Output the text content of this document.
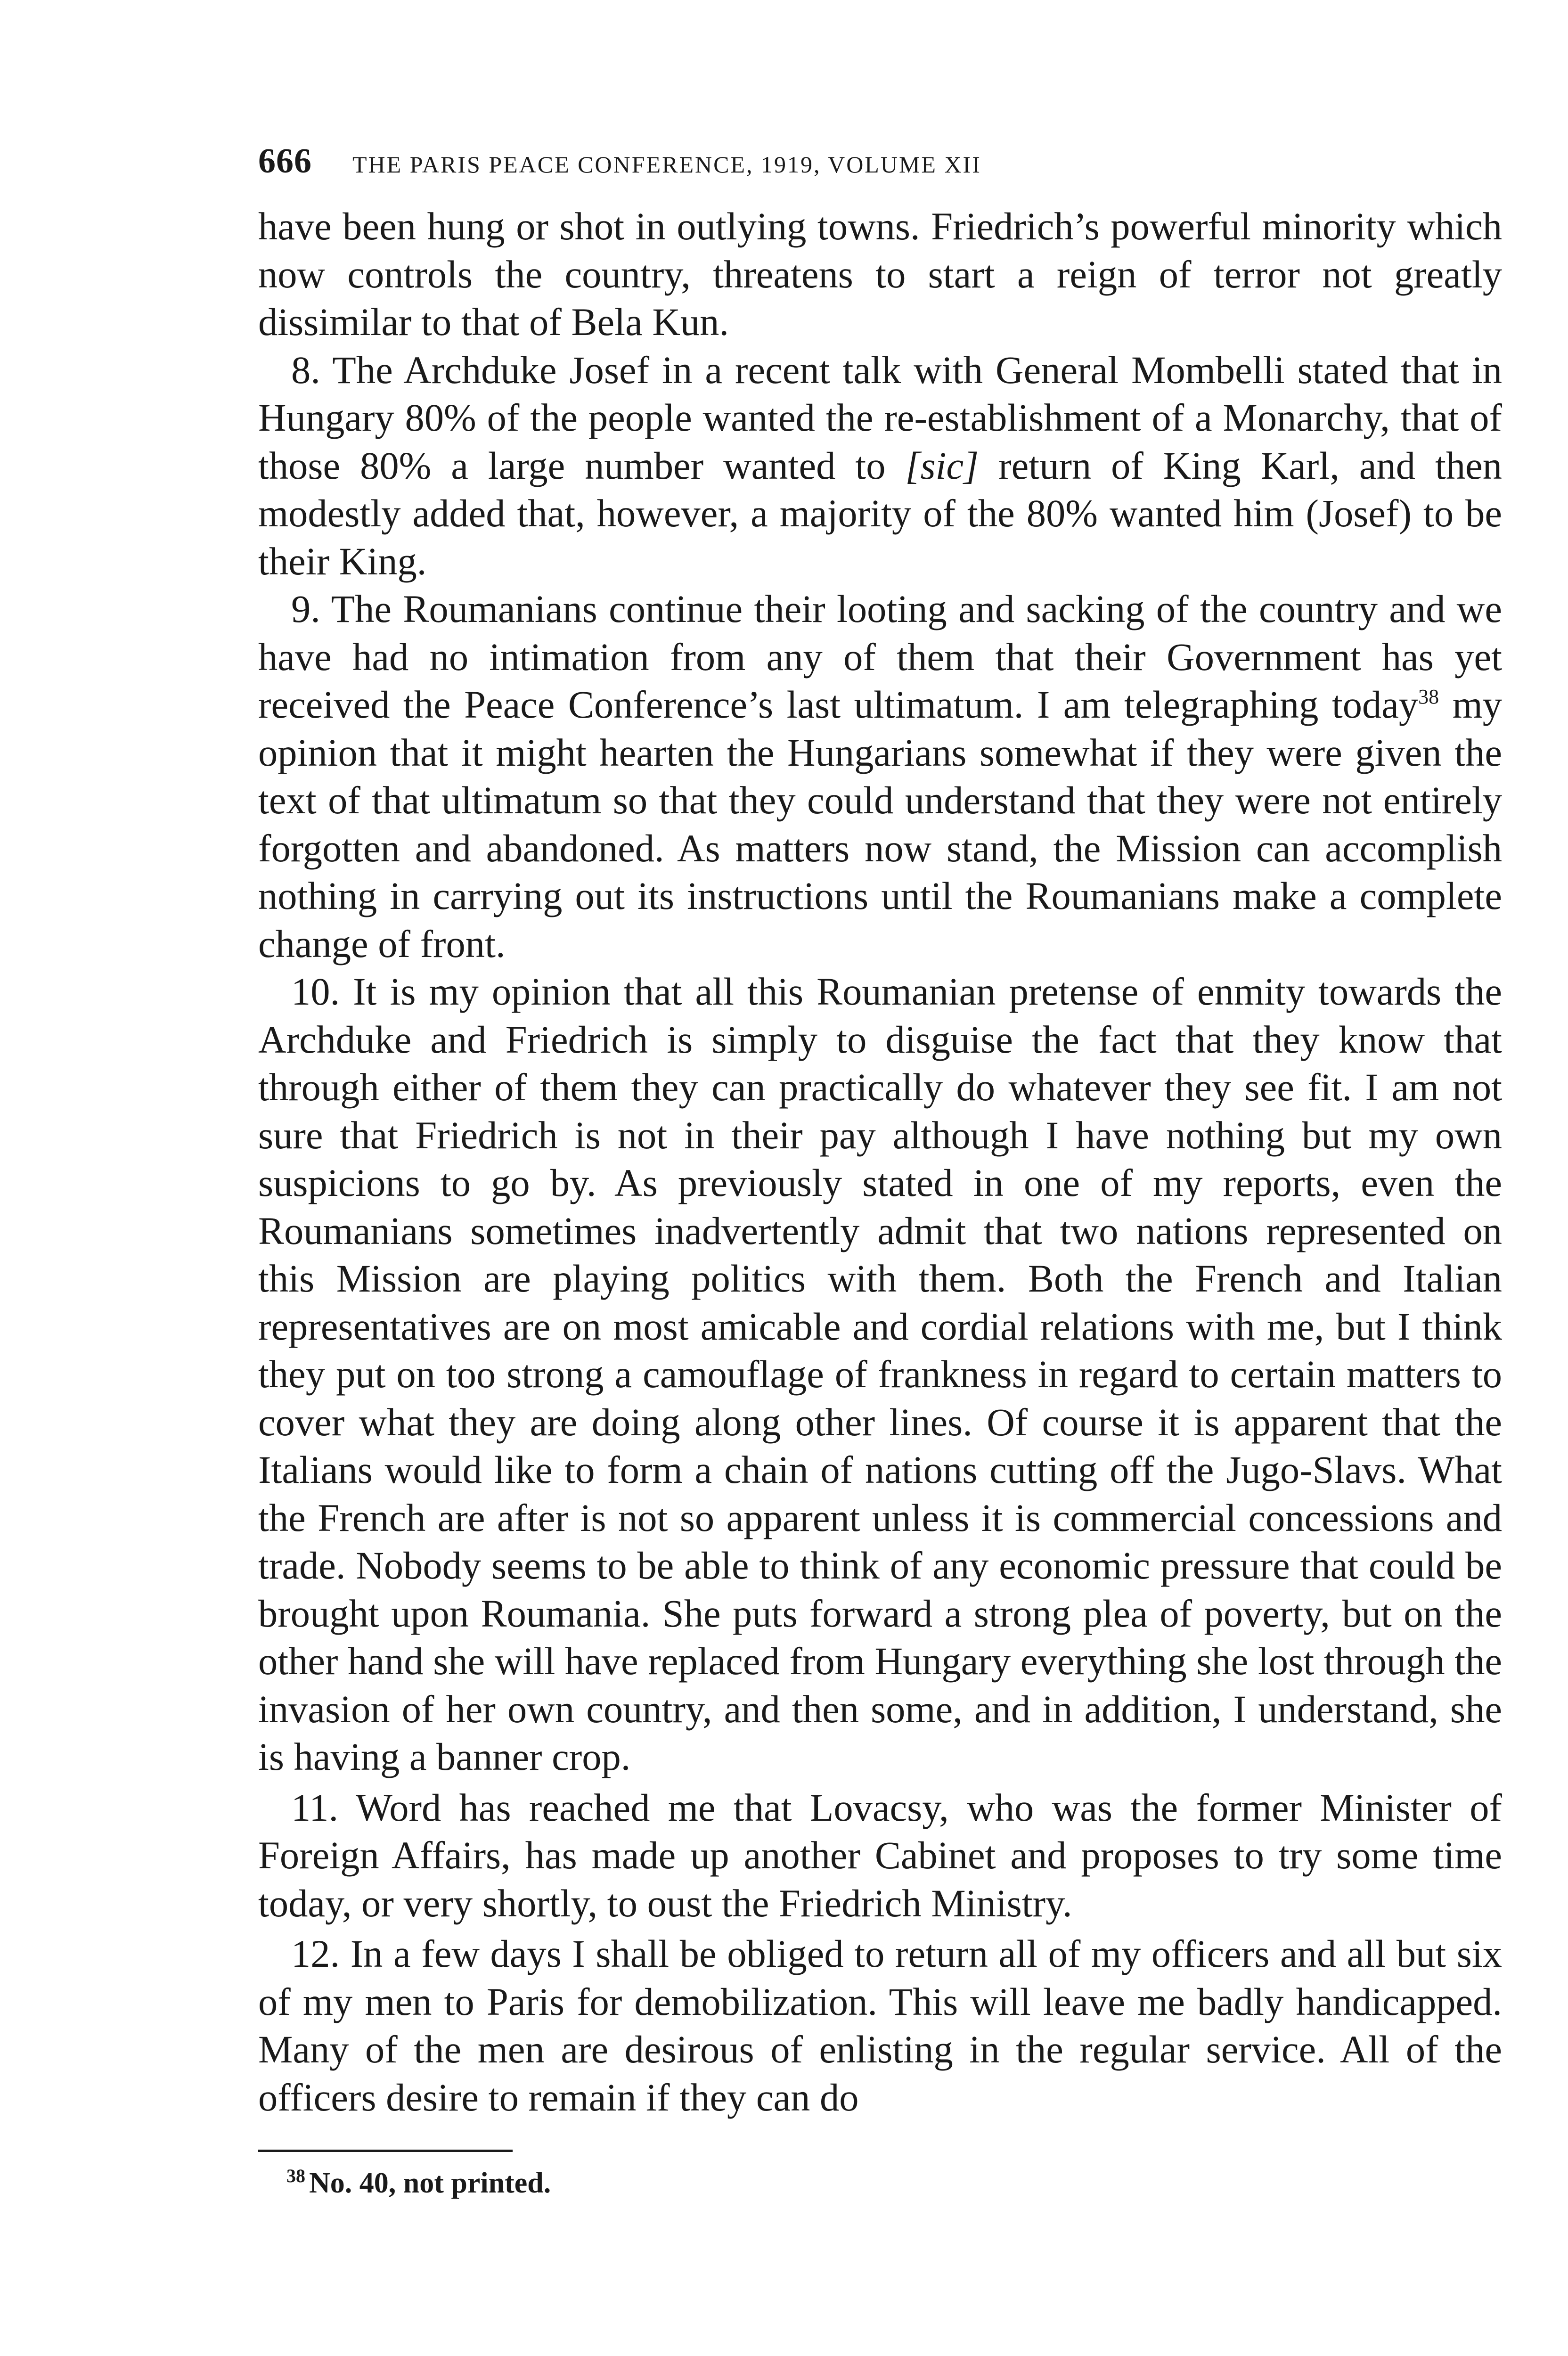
666	THE PARIS PEACE CONFERENCE, 1919, VOLUME XII

have been hung or shot in outlying towns. Friedrich’s powerful minority which now controls the country, threatens to start a reign of terror not greatly dissimilar to that of Bela Kun.

8. The Archduke Josef in a recent talk with General Mombelli stated that in Hungary 80% of the people wanted the re-establishment of a Monarchy, that of those 80% a large number wanted to [sic] return of King Karl, and then modestly added that, however, a majority of the 80% wanted him (Josef) to be their King.

9. The Roumanians continue their looting and sacking of the country and we have had no intimation from any of them that their Government has yet received the Peace Conference’s last ultimatum. I am telegraphing today$^{38}$ my opinion that it might hearten the Hungarians somewhat if they were given the text of that ultimatum so that they could understand that they were not entirely forgotten and abandoned. As matters now stand, the Mission can accomplish nothing in carrying out its instructions until the Roumanians make a complete change of front.

10. It is my opinion that all this Roumanian pretense of enmity towards the Archduke and Friedrich is simply to disguise the fact that they know that through either of them they can practically do whatever they see fit. I am not sure that Friedrich is not in their pay although I have nothing but my own suspicions to go by. As previously stated in one of my reports, even the Roumanians sometimes inadvertently admit that two nations represented on this Mission are playing politics with them. Both the French and Italian representatives are on most amicable and cordial relations with me, but I think they put on too strong a camouflage of frankness in regard to certain matters to cover what they are doing along other lines. Of course it is apparent that the Italians would like to form a chain of nations cutting off the Jugo-Slavs. What the French are after is not so apparent unless it is commercial concessions and trade. Nobody seems to be able to think of any economic pressure that could be brought upon Roumania. She puts forward a strong plea of poverty, but on the other hand she will have replaced from Hungary everything she lost through the invasion of her own country, and then some, and in addition, I understand, she is having a banner crop.

11. Word has reached me that Lovacsy, who was the former Minister of Foreign Affairs, has made up another Cabinet and proposes to try some time today, or very shortly, to oust the Friedrich Ministry.

12. In a few days I shall be obliged to return all of my officers and all but six of my men to Paris for demobilization. This will leave me badly handicapped. Many of the men are desirous of enlisting in the regular service. All of the officers desire to remain if they can do

$^{38}$ No. 40, not printed.
